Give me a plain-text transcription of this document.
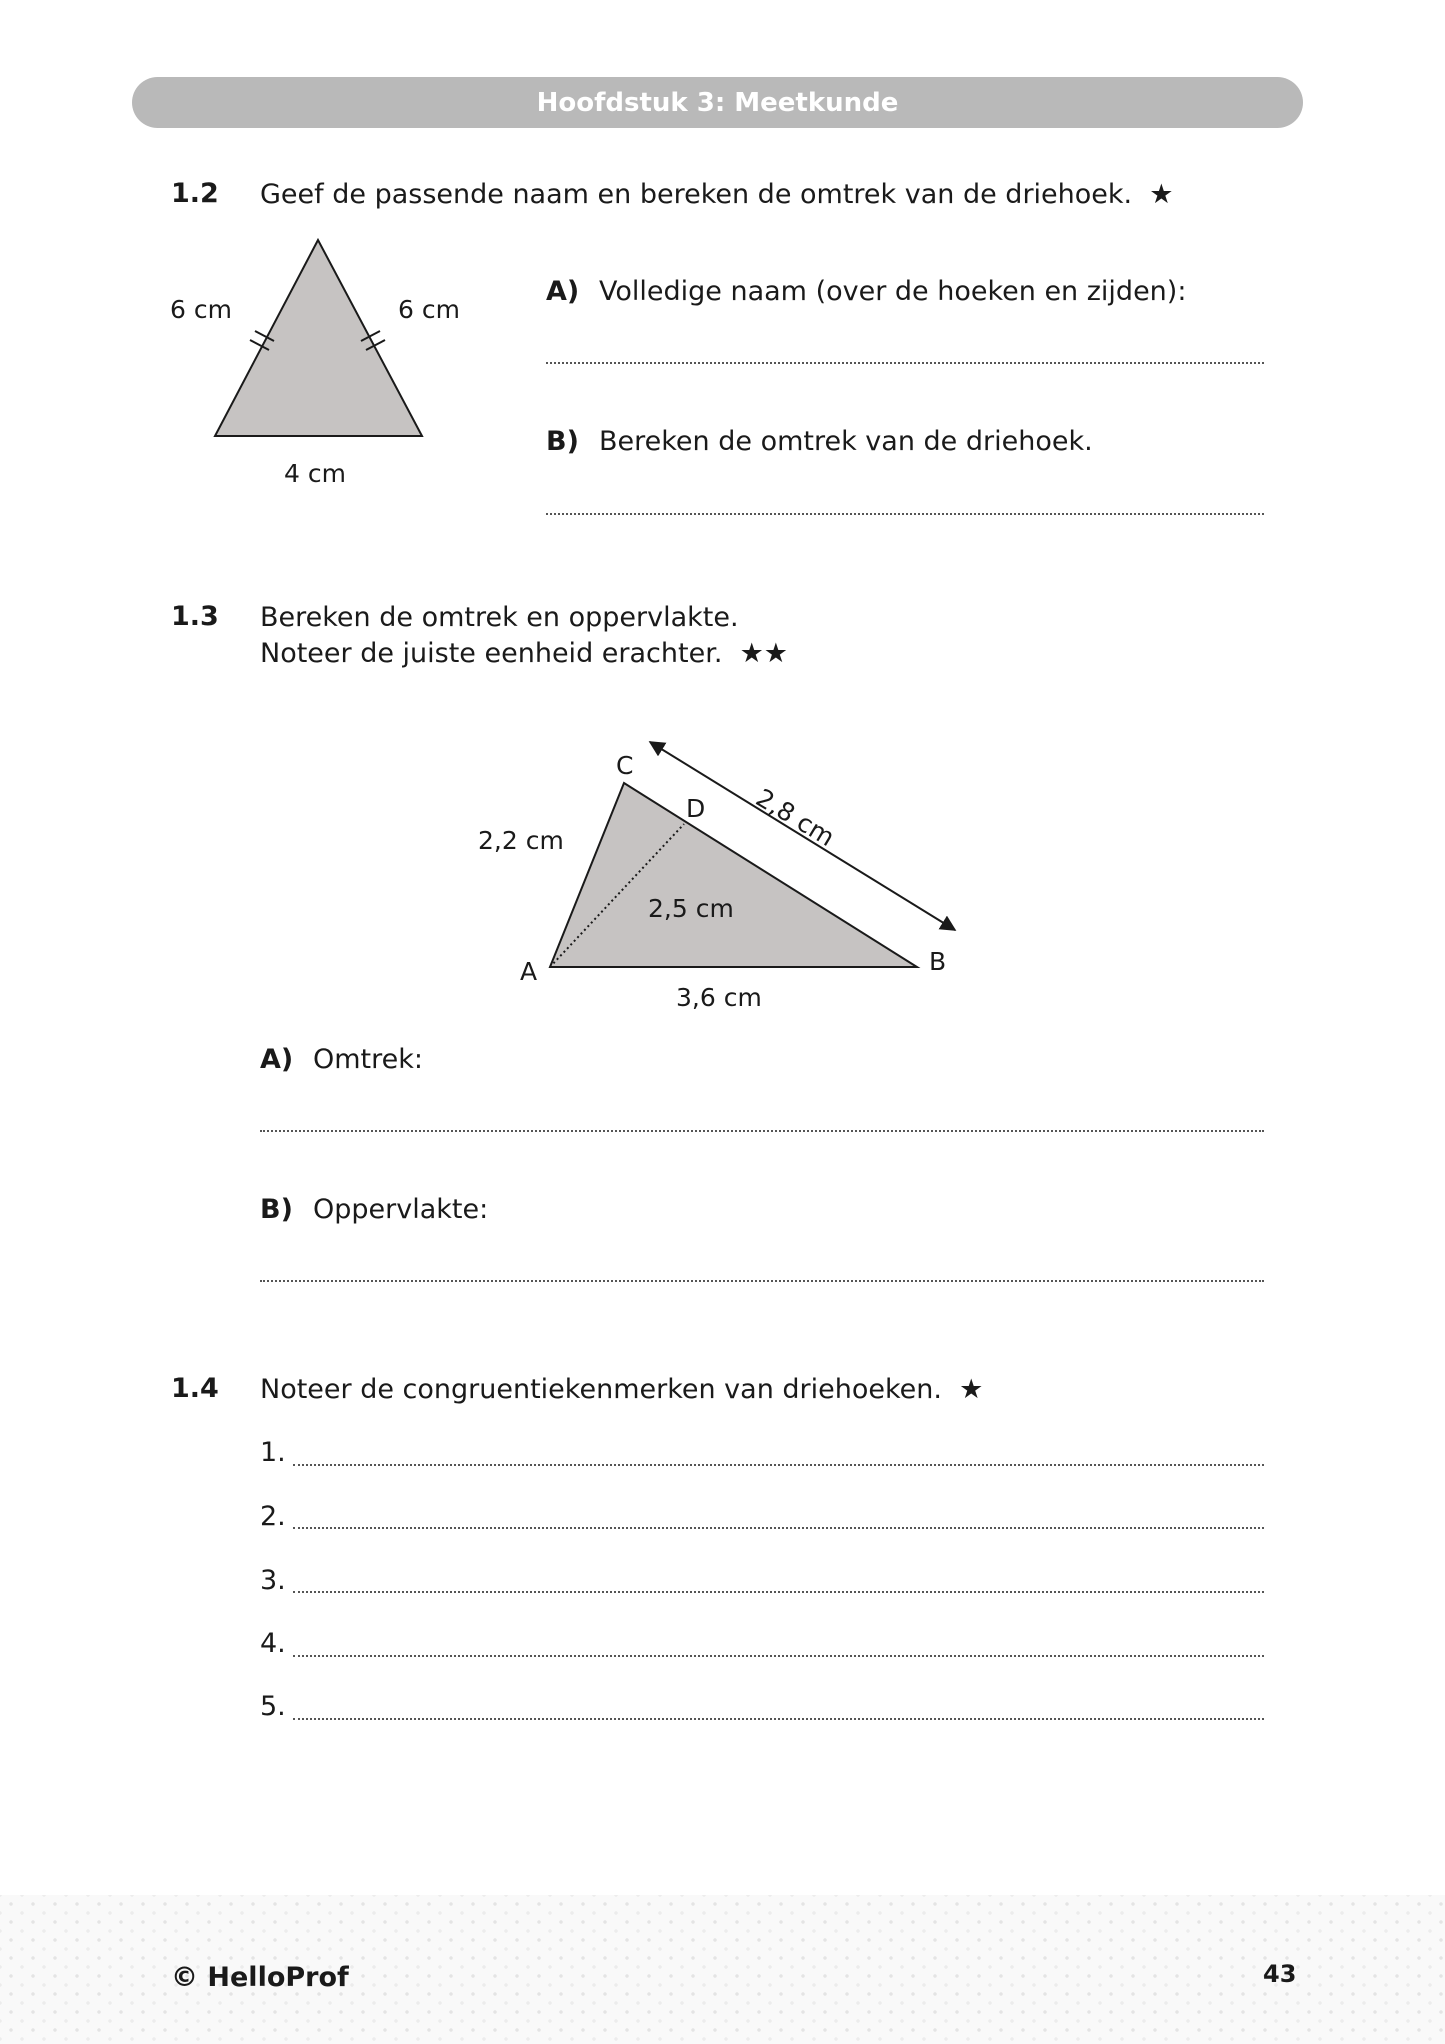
Hoofdstuk 3: Meetkunde
1.2 Geef de passende naam en bereken de omtrek van de driehoek. ★
6 cm	6 cm
4 cm
A) Volledige naam (over de hoeken en zijden):
B) Bereken de omtrek van de driehoek.
1.3 Bereken de omtrek en oppervlakte.
Noteer de juiste eenheid erachter. ★★
C
D
A	B
2,8 cm
2,2 cm
2,5 cm
3,6 cm
A) Omtrek:
B) Oppervlakte:
1.4 Noteer de congruentiekenmerken van driehoeken. ★
1.
2.
3.
4.
5.
© HelloProf	43
